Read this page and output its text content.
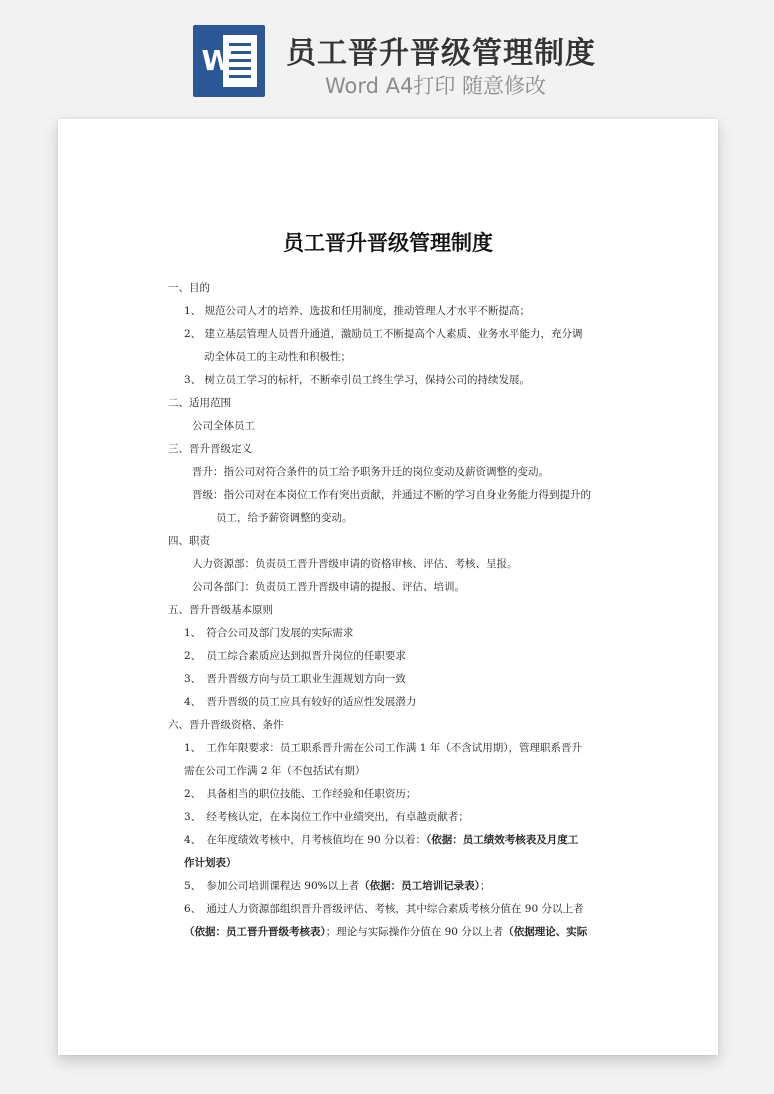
W 员工晋升晋级管理制度
Word A4打印 随意修改
员工晋升晋级管理制度
一、目的
1、 规范公司人才的培养、选拔和任用制度，推动管理人才水平不断提高；
2、 建立基层管理人员晋升通道，激励员工不断提高个人素质、业务水平能力，充分调
动全体员工的主动性和积极性；
3、 树立员工学习的标杆，不断牵引员工终生学习，保持公司的持续发展。
二、适用范围
公司全体员工
三、晋升晋级定义
晋升：指公司对符合条件的员工给予职务升迁的岗位变动及薪资调整的变动。
晋级：指公司对在本岗位工作有突出贡献，并通过不断的学习自身业务能力得到提升的
员工，给予薪资调整的变动。
四、职责
人力资源部：负责员工晋升晋级申请的资格审核、评估、考核、呈报。
公司各部门：负责员工晋升晋级申请的提报、评估、培训。
五、晋升晋级基本原则
1、　符合公司及部门发展的实际需求
2、　员工综合素质应达到拟晋升岗位的任职要求
3、　晋升晋级方向与员工职业生涯规划方向一致
4、　晋升晋级的员工应具有较好的适应性发展潜力
六、晋升晋级资格、条件
1、　工作年限要求：员工职系晋升需在公司工作满 1 年（不含试用期），管理职系晋升
需在公司工作满 2 年（不包括试有期）
2、　具备相当的职位技能、工作经验和任职资历；
3、　经考核认定，在本岗位工作中业绩突出，有卓越贡献者；
4、　在年度绩效考核中，月考核值均在 90 分以着：（依据：员工绩效考核表及月度工
作计划表）
5、　参加公司培训课程达 90%以上者（依据：员工培训记录表）；
6、　通过人力资源部组织晋升晋级评估、考核，其中综合素质考核分值在 90 分以上者
（依据：员工晋升晋级考核表）；理论与实际操作分值在 90 分以上者（依据理论、实际
